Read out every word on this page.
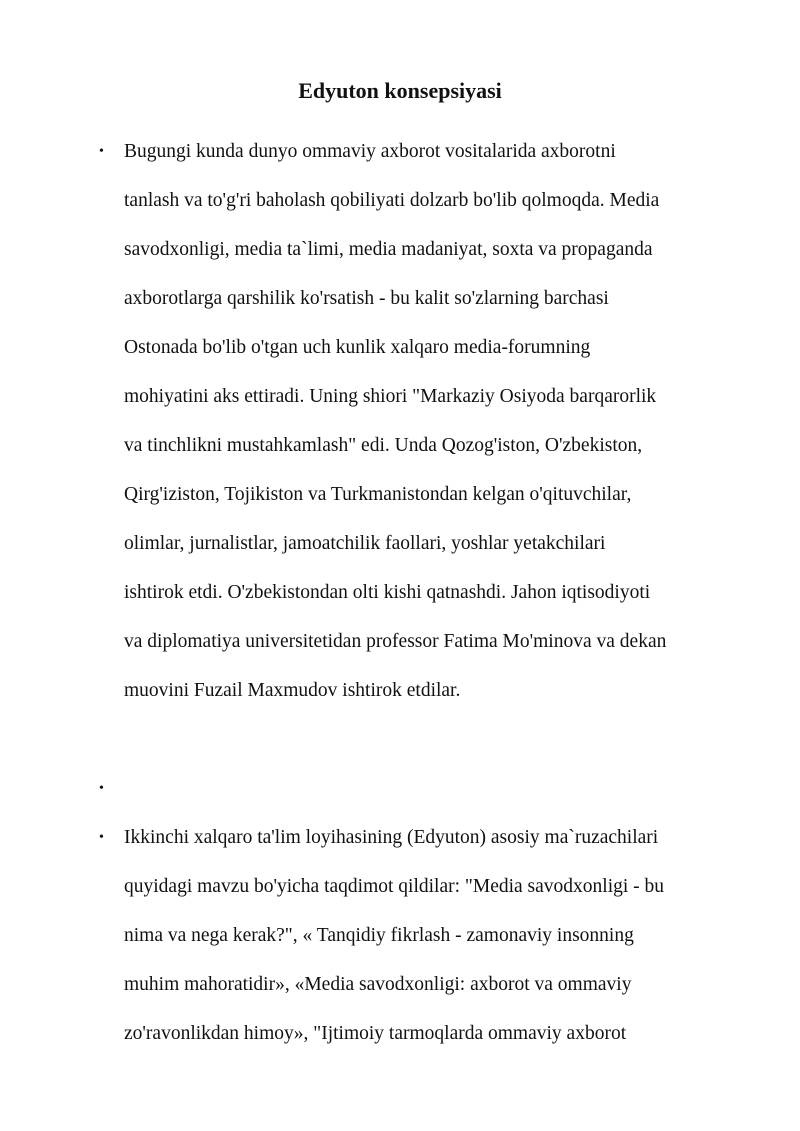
Edyuton konsepsiyasi
• Bugungi kunda dunyo ommaviy axborot vositalarida axborotni
tanlash va to'g'ri baholash qobiliyati dolzarb bo'lib qolmoqda. Media
savodxonligi, media ta`limi, media madaniyat, soxta va propaganda
axborotlarga qarshilik ko'rsatish - bu kalit so'zlarning barchasi
Ostonada bo'lib o'tgan uch kunlik xalqaro media-forumning
mohiyatini aks ettiradi. Uning shiori "Markaziy Osiyoda barqarorlik
va tinchlikni mustahkamlash" edi. Unda Qozog'iston, O'zbekiston,
Qirg'iziston, Tojikiston va Turkmanistondan kelgan o'qituvchilar,
olimlar, jurnalistlar, jamoatchilik faollari, yoshlar yetakchilari
ishtirok etdi. O'zbekistondan olti kishi qatnashdi. Jahon iqtisodiyoti
va diplomatiya universitetidan professor Fatima Mo'minova va dekan
muovini Fuzail Maxmudov ishtirok etdilar.
•
• Ikkinchi xalqaro ta'lim loyihasining (Edyuton) asosiy ma`ruzachilari
quyidagi mavzu bo'yicha taqdimot qildilar: "Media savodxonligi - bu
nima va nega kerak?", « Tanqidiy fikrlash - zamonaviy insonning
muhim mahoratidir», «Media savodxonligi: axborot va ommaviy
zo'ravonlikdan himoy», "Ijtimoiy tarmoqlarda ommaviy axborot
